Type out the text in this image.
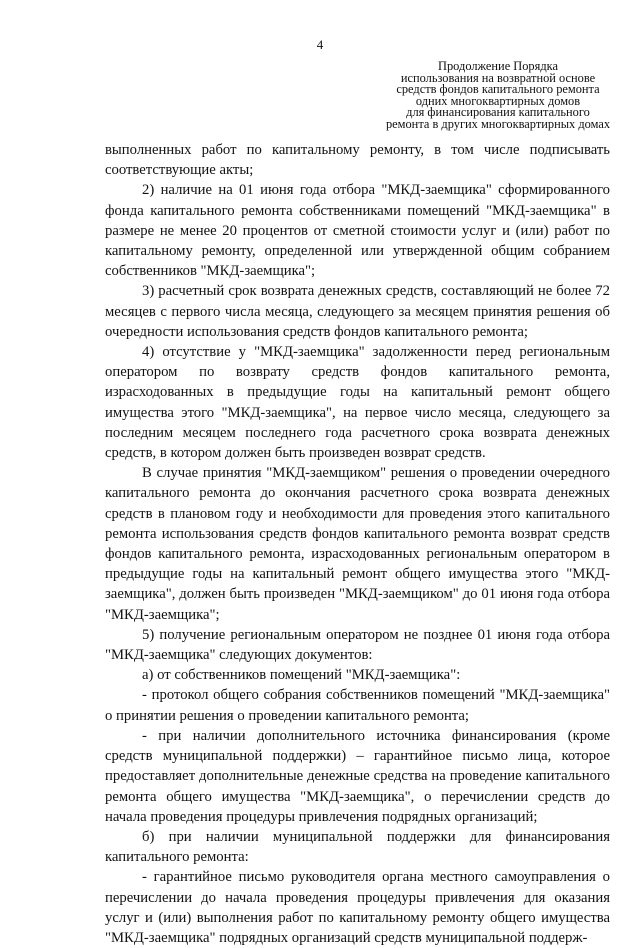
4
Продолжение Порядка
использования на возвратной основе
средств фондов капитального ремонта
одних многоквартирных домов
для финансирования капитального
ремонта в других многоквартирных домах

выполненных работ по капитальному ремонту, в том числе подписывать соответствующие акты;

2) наличие на 01 июня года отбора "МКД-заемщика" сформированного фонда капитального ремонта собственниками помещений "МКД-заемщика" в размере не менее 20 процентов от сметной стоимости услуг и (или) работ по капитальному ремонту, определенной или утвержденной общим собранием собственников "МКД-заемщика";

3) расчетный срок возврата денежных средств, составляющий не более 72 месяцев с первого числа месяца, следующего за месяцем принятия решения об очередности использования средств фондов капитального ремонта;

4) отсутствие у "МКД-заемщика" задолженности перед региональным оператором по возврату средств фондов капитального ремонта, израсходованных в предыдущие годы на капитальный ремонт общего имущества этого "МКД-заемщика", на первое число месяца, следующего за последним месяцем последнего года расчетного срока возврата денежных средств, в котором должен быть произведен возврат средств.

В случае принятия "МКД-заемщиком" решения о проведении очередного капитального ремонта до окончания расчетного срока возврата денежных средств в плановом году и необходимости для проведения этого капитального ремонта использования средств фондов капитального ремонта возврат средств фондов капитального ремонта, израсходованных региональным оператором в предыдущие годы на капитальный ремонт общего имущества этого "МКД-заемщика", должен быть произведен "МКД-заемщиком" до 01 июня года отбора "МКД-заемщика";

5) получение региональным оператором не позднее 01 июня года отбора "МКД-заемщика" следующих документов:

а) от собственников помещений "МКД-заемщика":

- протокол общего собрания собственников помещений "МКД-заемщика" о принятии решения о проведении капитального ремонта;

- при наличии дополнительного источника финансирования (кроме средств муниципальной поддержки) – гарантийное письмо лица, которое предоставляет дополнительные денежные средства на проведение капитального ремонта общего имущества "МКД-заемщика", о перечислении средств до начала проведения процедуры привлечения подрядных организаций;

б) при наличии муниципальной поддержки для финансирования капитального ремонта:

- гарантийное письмо руководителя органа местного самоуправления о перечислении до начала проведения процедуры привлечения для оказания услуг и (или) выполнения работ по капитальному ремонту общего имущества "МКД-заемщика" подрядных организаций средств муниципальной поддерж-
